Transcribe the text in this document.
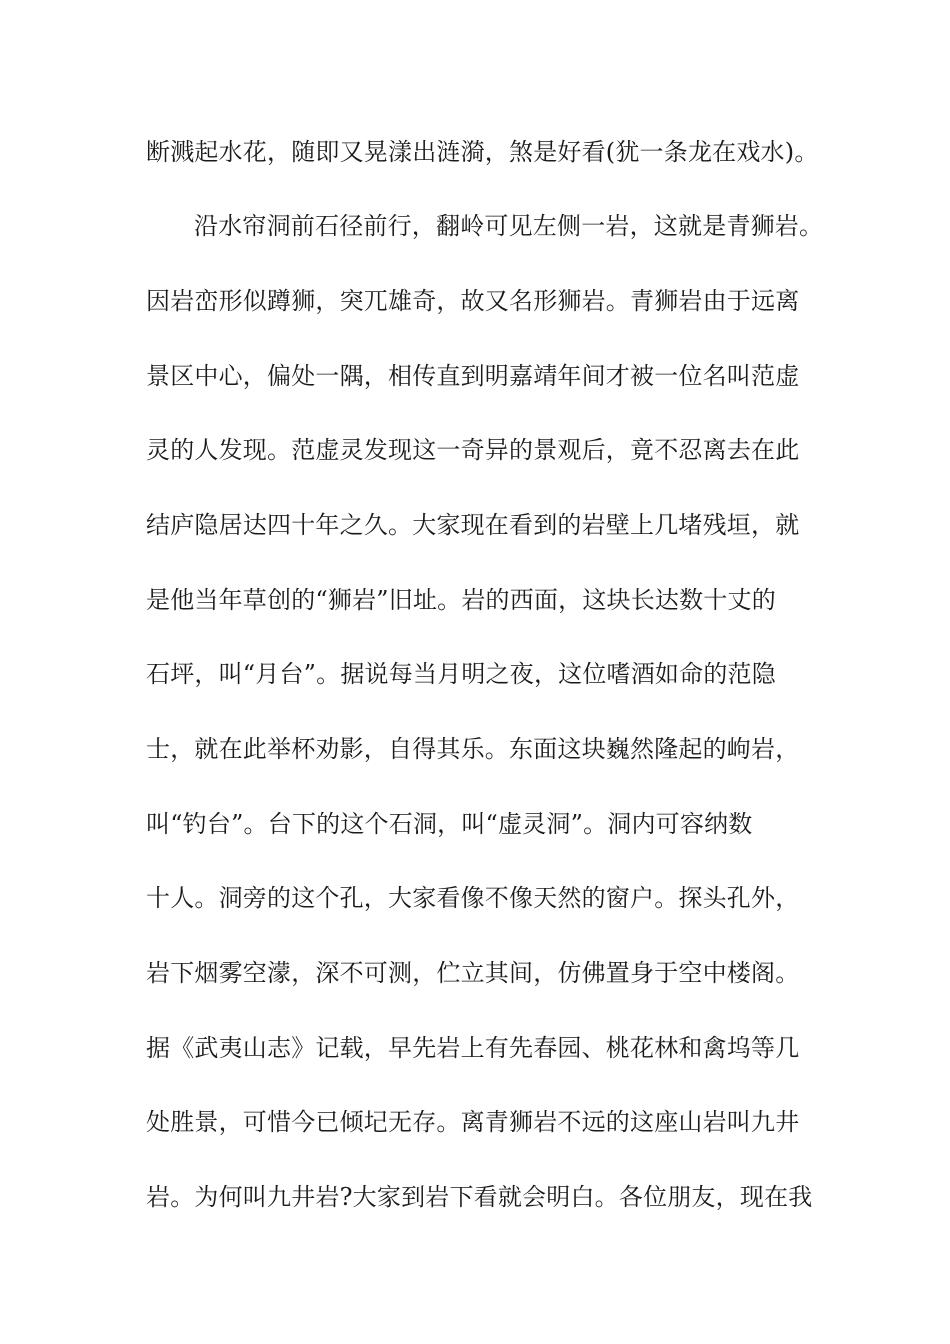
断溅起水花，随即又晃漾出涟漪，煞是好看(犹一条龙在戏水)。
沿水帘洞前石径前行，翻岭可见左侧一岩，这就是青狮岩。
因岩峦形似蹲狮，突兀雄奇，故又名形狮岩。青狮岩由于远离
景区中心，偏处一隅，相传直到明嘉靖年间才被一位名叫范虚
灵的人发现。范虚灵发现这一奇异的景观后，竟不忍离去在此
结庐隐居达四十年之久。大家现在看到的岩壁上几堵残垣，就
是他当年草创的“狮岩”旧址。岩的西面，这块长达数十丈的
石坪，叫“月台”。据说每当月明之夜，这位嗜酒如命的范隐
士，就在此举杯劝影，自得其乐。东面这块巍然隆起的岣岩，
叫“钓台”。台下的这个石洞，叫“虚灵洞”。洞内可容纳数
十人。洞旁的这个孔，大家看像不像天然的窗户。探头孔外，
岩下烟雾空濛，深不可测，伫立其间，仿佛置身于空中楼阁。
据《武夷山志》记载，早先岩上有先春园、桃花林和禽坞等几
处胜景，可惜今已倾圮无存。离青狮岩不远的这座山岩叫九井
岩。为何叫九井岩?大家到岩下看就会明白。各位朋友，现在我
